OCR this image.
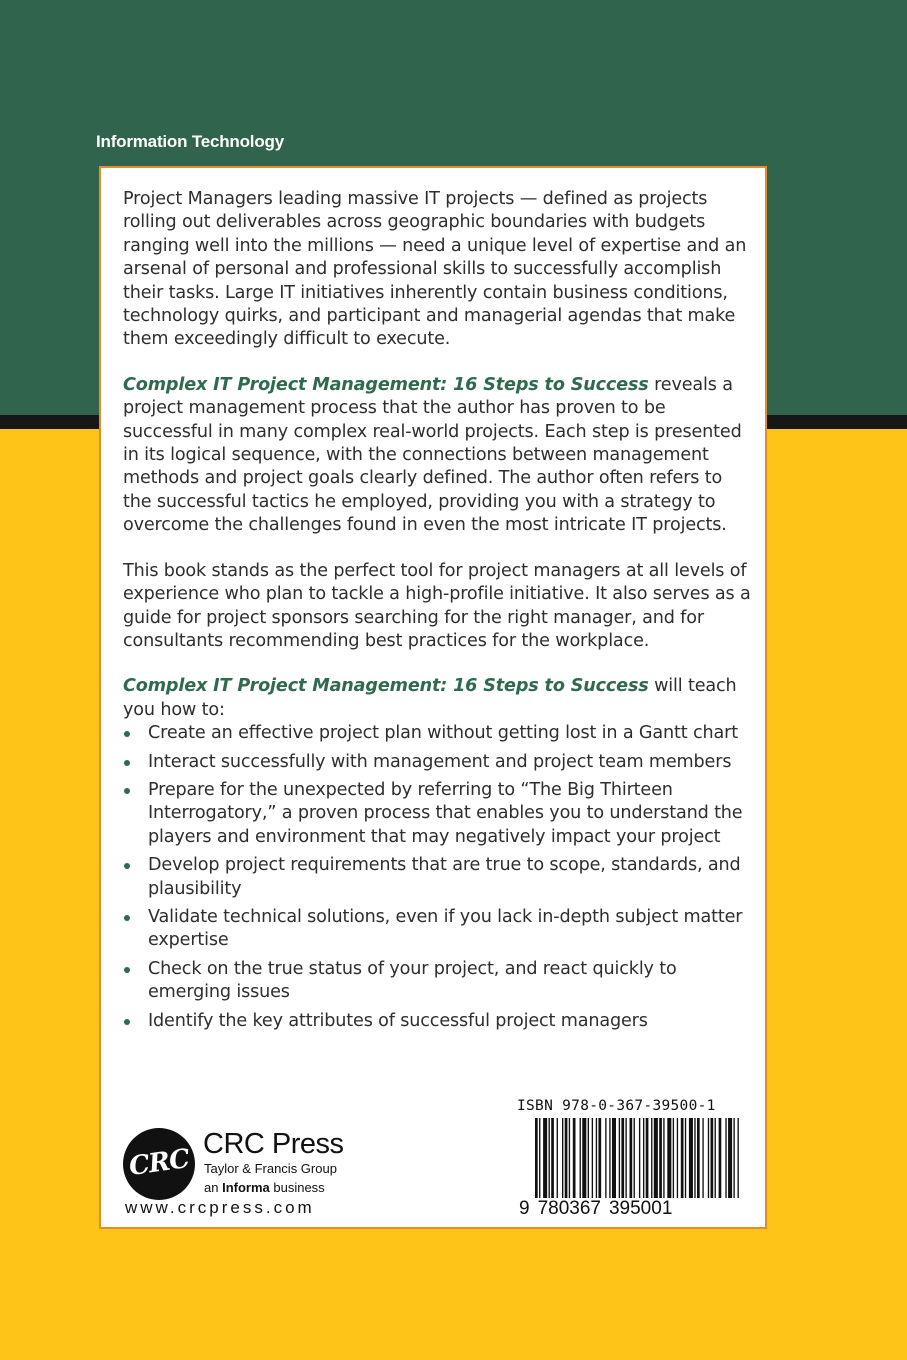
Information Technology

Project Managers leading massive IT projects — defined as projects rolling out deliverables across geographic boundaries with budgets ranging well into the millions — need a unique level of expertise and an arsenal of personal and professional skills to successfully accomplish their tasks. Large IT initiatives inherently contain business conditions, technology quirks, and participant and managerial agendas that make them exceedingly difficult to execute.

Complex IT Project Management: 16 Steps to Success reveals a project management process that the author has proven to be successful in many complex real-world projects. Each step is presented in its logical sequence, with the connections between management methods and project goals clearly defined. The author often refers to the successful tactics he employed, providing you with a strategy to overcome the challenges found in even the most intricate IT projects.

This book stands as the perfect tool for project managers at all levels of experience who plan to tackle a high-profile initiative. It also serves as a guide for project sponsors searching for the right manager, and for consultants recommending best practices for the workplace.

Complex IT Project Management: 16 Steps to Success will teach you how to:

Create an effective project plan without getting lost in a Gantt chart
Interact successfully with management and project team members
Prepare for the unexpected by referring to “The Big Thirteen Interrogatory,” a proven process that enables you to understand the players and environment that may negatively impact your project
Develop project requirements that are true to scope, standards, and plausibility
Validate technical solutions, even if you lack in-depth subject matter expertise
Check on the true status of your project, and react quickly to emerging issues
Identify the key attributes of successful project managers
CRC CRC Press
Taylor & Francis Group
an Informa business
www.crcpress.com
ISBN 978-0-367-39500-1
9 780367 395001
